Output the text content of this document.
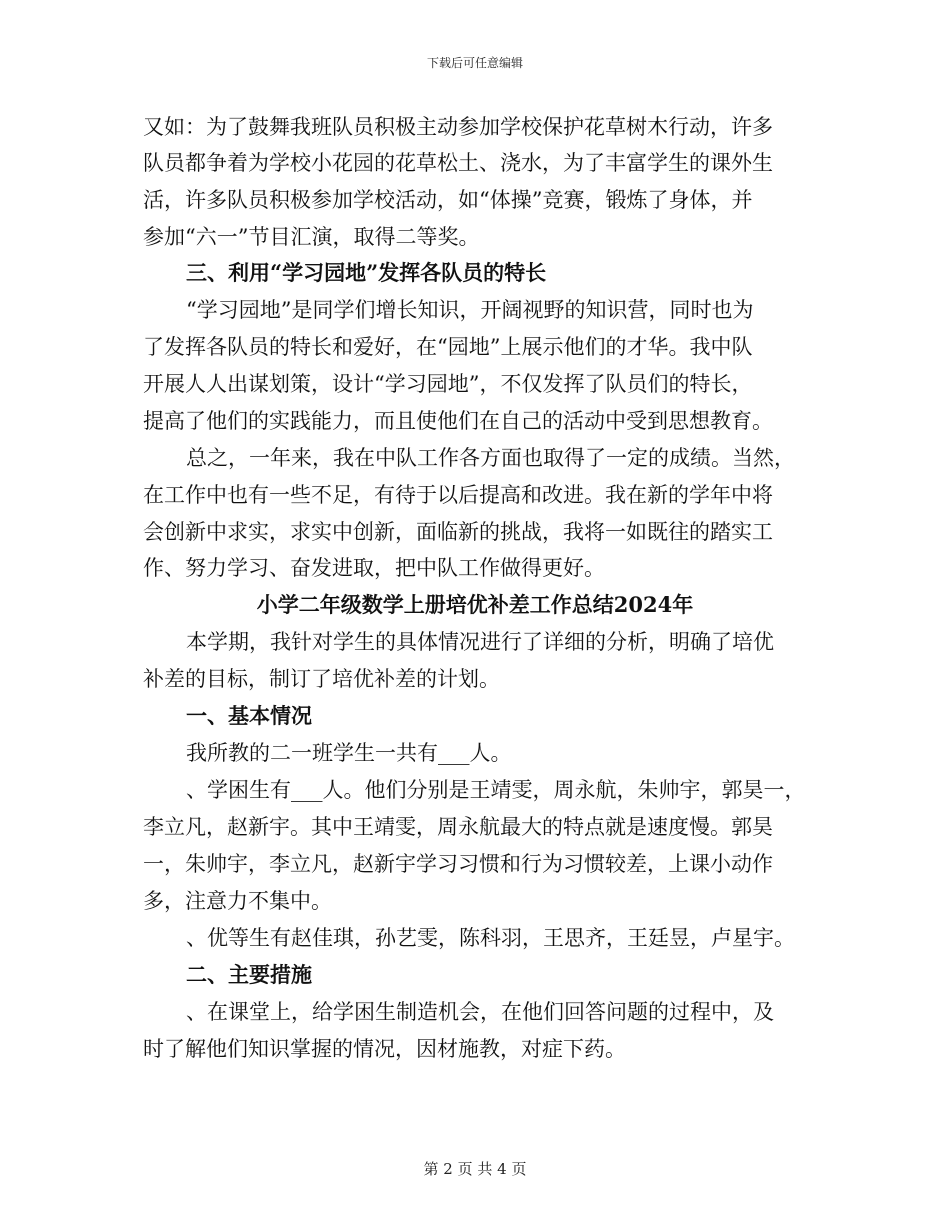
下载后可任意编辑
又如：为了鼓舞我班队员积极主动参加学校保护花草树木行动，许多
队员都争着为学校小花园的花草松土、浇水，为了丰富学生的课外生
活，许多队员积极参加学校活动，如“体操”竞赛，锻炼了身体，并
参加“六一”节目汇演，取得二等奖。
三、利用“学习园地”发挥各队员的特长
“学习园地”是同学们增长知识，开阔视野的知识营，同时也为
了发挥各队员的特长和爱好，在“园地”上展示他们的才华。我中队
开展人人出谋划策，设计“学习园地”，不仅发挥了队员们的特长，
提高了他们的实践能力，而且使他们在自己的活动中受到思想教育。
总之，一年来，我在中队工作各方面也取得了一定的成绩。当然，
在工作中也有一些不足，有待于以后提高和改进。我在新的学年中将
会创新中求实，求实中创新，面临新的挑战，我将一如既往的踏实工
作、努力学习、奋发进取，把中队工作做得更好。
小学二年级数学上册培优补差工作总结2024年
本学期，我针对学生的具体情况进行了详细的分析，明确了培优
补差的目标，制订了培优补差的计划。
一、基本情况
我所教的二一班学生一共有___人。
、学困生有___人。他们分别是王靖雯，周永航，朱帅宇，郭昊一，
李立凡，赵新宇。其中王靖雯，周永航最大的特点就是速度慢。郭昊
一，朱帅宇，李立凡，赵新宇学习习惯和行为习惯较差，上课小动作
多，注意力不集中。
、优等生有赵佳琪，孙艺雯，陈科羽，王思齐，王廷昱，卢星宇。
二、主要措施
、在课堂上，给学困生制造机会，在他们回答问题的过程中，及
时了解他们知识掌握的情况，因材施教，对症下药。
第 2 页 共 4 页
